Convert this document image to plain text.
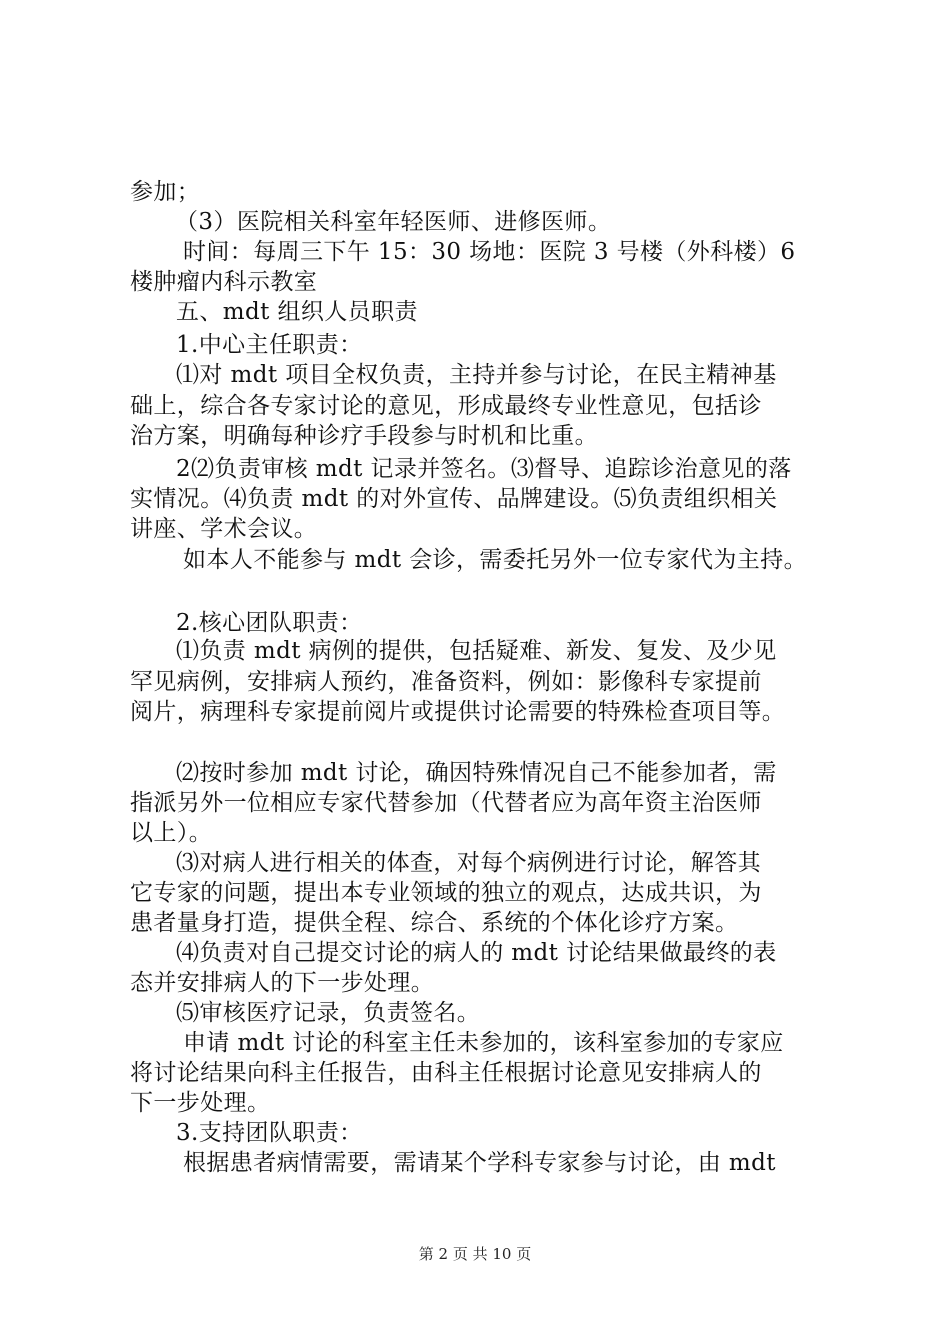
参加；
（3）医院相关科室年轻医师、进修医师。
时间：每周三下午 15：30 场地：医院 3 号楼（外科楼）6
楼肿瘤内科示教室
五、mdt 组织人员职责
1.中心主任职责：
⑴对 mdt 项目全权负责，主持并参与讨论，在民主精神基
础上，综合各专家讨论的意见，形成最终专业性意见，包括诊
治方案，明确每种诊疗手段参与时机和比重。
2⑵负责审核 mdt 记录并签名。⑶督导、追踪诊治意见的落
实情况。⑷负责 mdt 的对外宣传、品牌建设。⑸负责组织相关
讲座、学术会议。
如本人不能参与 mdt 会诊，需委托另外一位专家代为主持。
2.核心团队职责：
⑴负责 mdt 病例的提供，包括疑难、新发、复发、及少见
罕见病例，安排病人预约，准备资料，例如：影像科专家提前
阅片，病理科专家提前阅片或提供讨论需要的特殊检查项目等。
⑵按时参加 mdt 讨论，确因特殊情况自己不能参加者，需
指派另外一位相应专家代替参加（代替者应为高年资主治医师
以上）。
⑶对病人进行相关的体查，对每个病例进行讨论，解答其
它专家的问题，提出本专业领域的独立的观点，达成共识，为
患者量身打造，提供全程、综合、系统的个体化诊疗方案。
⑷负责对自己提交讨论的病人的 mdt 讨论结果做最终的表
态并安排病人的下一步处理。
⑸审核医疗记录，负责签名。
申请 mdt 讨论的科室主任未参加的，该科室参加的专家应
将讨论结果向科主任报告，由科主任根据讨论意见安排病人的
下一步处理。
3.支持团队职责：
根据患者病情需要，需请某个学科专家参与讨论，由 mdt
第 2 页 共 10 页
